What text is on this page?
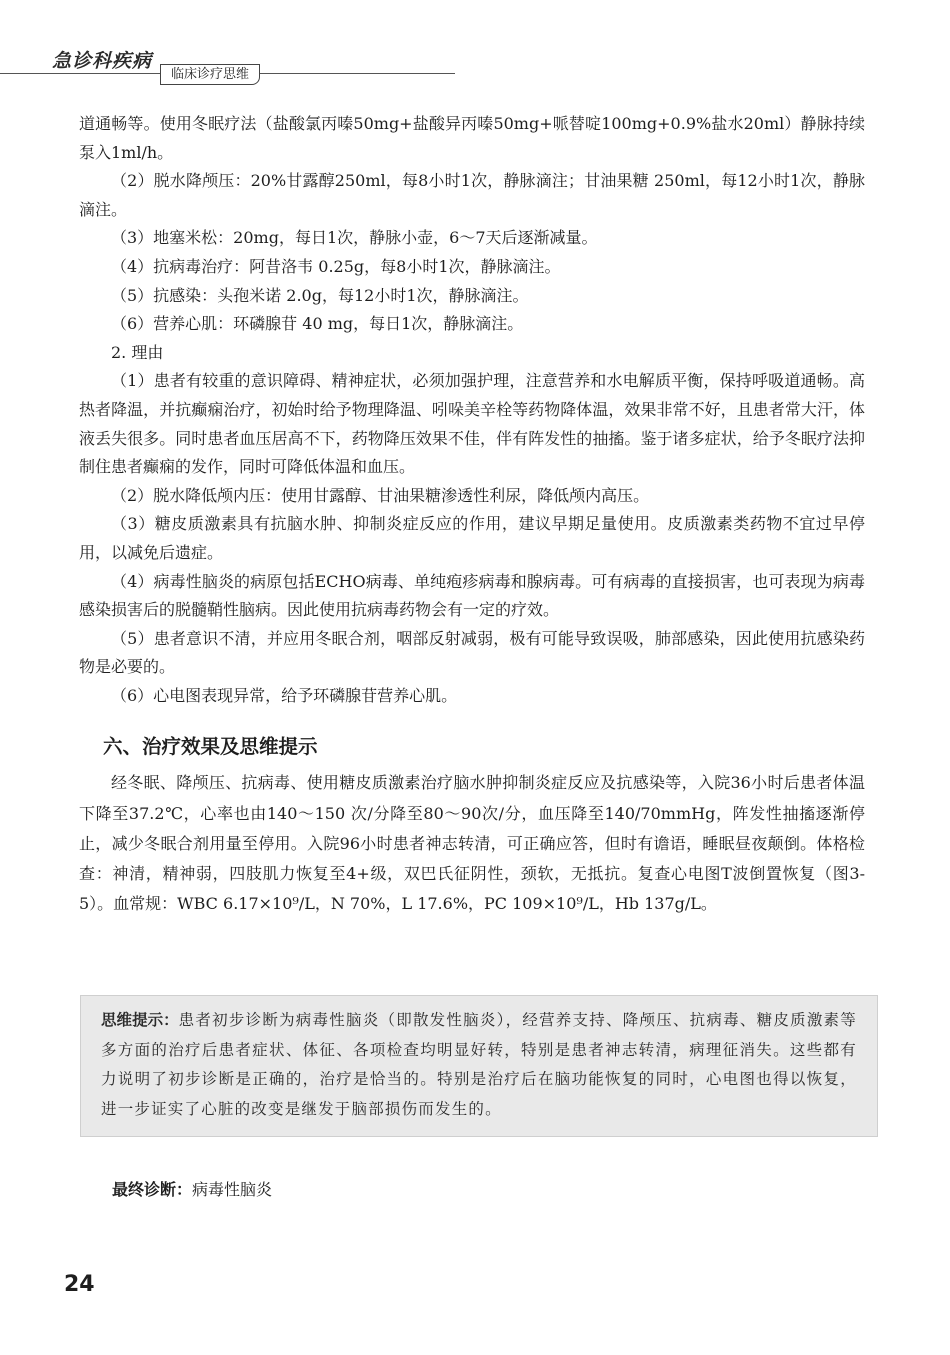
急诊科疾病
临床诊疗思维

道通畅等。使用冬眠疗法（盐酸氯丙嗪50mg+盐酸异丙嗪50mg+哌替啶100mg+0.9%盐水20ml）静脉持续泵入1ml/h。

（2）脱水降颅压：20%甘露醇250ml，每8小时1次，静脉滴注；甘油果糖 250ml，每12小时1次，静脉滴注。

（3）地塞米松：20mg，每日1次，静脉小壶，6～7天后逐渐减量。

（4）抗病毒治疗：阿昔洛韦 0.25g，每8小时1次，静脉滴注。

（5）抗感染：头孢米诺 2.0g，每12小时1次，静脉滴注。

（6）营养心肌：环磷腺苷 40 mg，每日1次，静脉滴注。

2. 理由

（1）患者有较重的意识障碍、精神症状，必须加强护理，注意营养和水电解质平衡，保持呼吸道通畅。高热者降温，并抗癫痫治疗，初始时给予物理降温、吲哚美辛栓等药物降体温，效果非常不好，且患者常大汗，体液丢失很多。同时患者血压居高不下，药物降压效果不佳，伴有阵发性的抽搐。鉴于诸多症状，给予冬眠疗法抑制住患者癫痫的发作，同时可降低体温和血压。

（2）脱水降低颅内压：使用甘露醇、甘油果糖渗透性利尿，降低颅内高压。

（3）糖皮质激素具有抗脑水肿、抑制炎症反应的作用，建议早期足量使用。皮质激素类药物不宜过早停用，以减免后遗症。

（4）病毒性脑炎的病原包括ECHO病毒、单纯疱疹病毒和腺病毒。可有病毒的直接损害，也可表现为病毒感染损害后的脱髓鞘性脑病。因此使用抗病毒药物会有一定的疗效。

（5）患者意识不清，并应用冬眠合剂，咽部反射减弱，极有可能导致误吸，肺部感染，因此使用抗感染药物是必要的。

（6）心电图表现异常，给予环磷腺苷营养心肌。

六、治疗效果及思维提示

经冬眠、降颅压、抗病毒、使用糖皮质激素治疗脑水肿抑制炎症反应及抗感染等，入院36小时后患者体温下降至37.2℃，心率也由140～150 次/分降至80～90次/分，血压降至140/70mmHg，阵发性抽搐逐渐停止，减少冬眠合剂用量至停用。入院96小时患者神志转清，可正确应答，但时有谵语，睡眠昼夜颠倒。体格检查：神清，精神弱，四肢肌力恢复至4+级，双巴氏征阴性，颈软，无抵抗。复查心电图T波倒置恢复（图3-5）。血常规：WBC 6.17×10⁹/L，N 70%，L 17.6%，PC 109×10⁹/L，Hb 137g/L。

思维提示：患者初步诊断为病毒性脑炎（即散发性脑炎），经营养支持、降颅压、抗病毒、糖皮质激素等多方面的治疗后患者症状、体征、各项检查均明显好转，特别是患者神志转清，病理征消失。这些都有力说明了初步诊断是正确的，治疗是恰当的。特别是治疗后在脑功能恢复的同时，心电图也得以恢复，进一步证实了心脏的改变是继发于脑部损伤而发生的。
最终诊断：病毒性脑炎
24
